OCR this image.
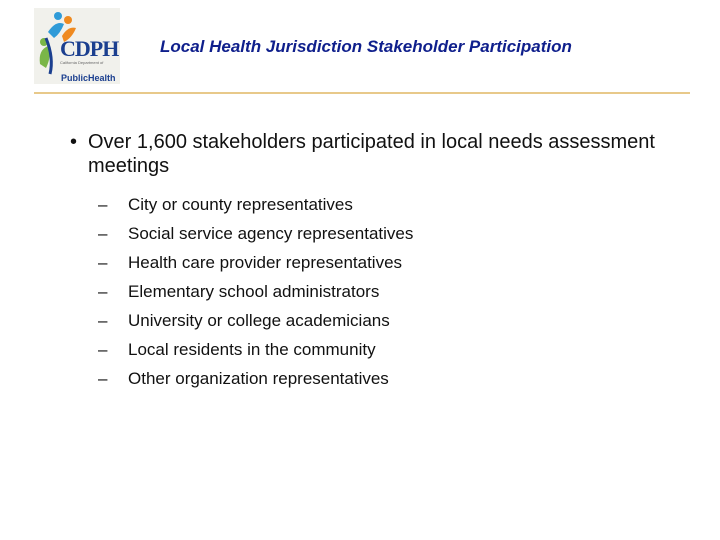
CDPH
California Department of
PublicHealth
Local Health Jurisdiction Stakeholder Participation
• Over 1,600 stakeholders participated in local needs assessment meetings
– City or county representatives
– Social service agency representatives
– Health care provider representatives
– Elementary school administrators
– University or college academicians
– Local residents in the community
– Other organization representatives
